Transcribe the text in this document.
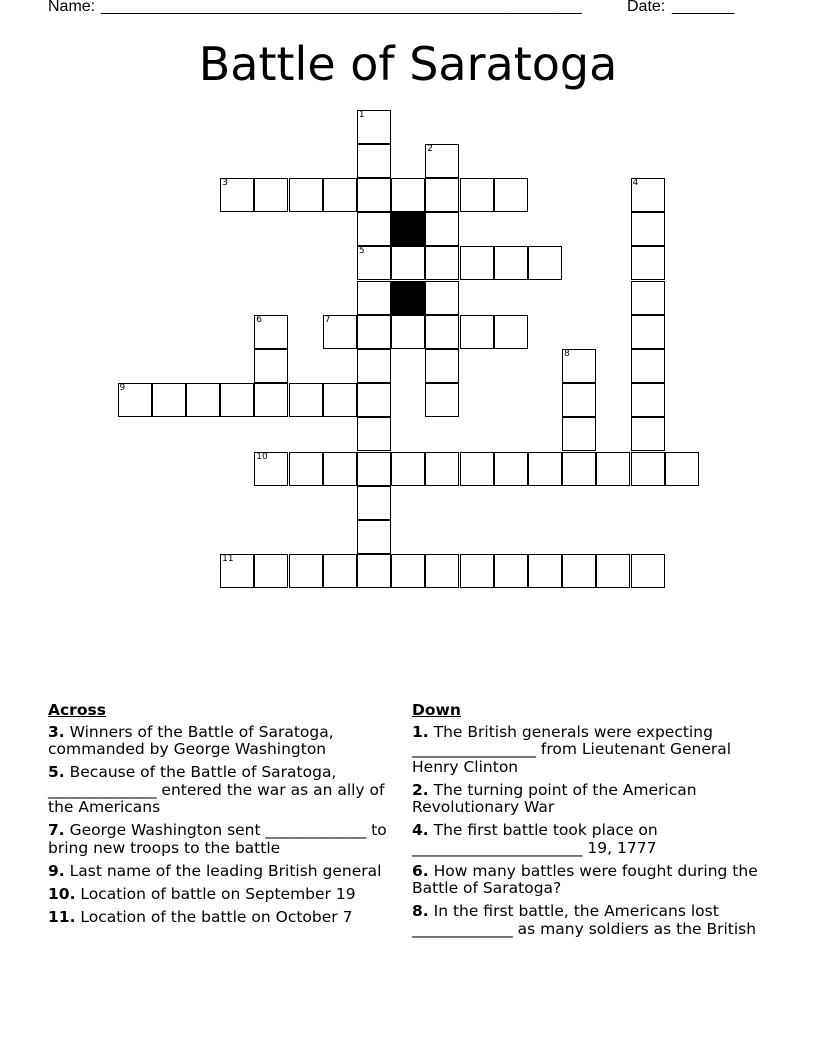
Name:

______________________________________________________

	Date:

_______

Battle of Saratoga
1
2
3	4
5
6	7
8
9
10
11
Across
3. Winners of the Battle of Saratoga, commanded by George Washington
5. Because of the Battle of Saratoga, ______________ entered the war as an ally of the Americans
7. George Washington sent _____________ to bring new troops to the battle
9. Last name of the leading British general
10. Location of battle on September 19
11. Location of the battle on October 7
Down
1. The British generals were expecting ________________ from Lieutenant General Henry Clinton
2. The turning point of the American Revolutionary War
4. The first battle took place on ______________________ 19, 1777
6. How many battles were fought during the Battle of Saratoga?
8. In the first battle, the Americans lost _____________ as many soldiers as the British
